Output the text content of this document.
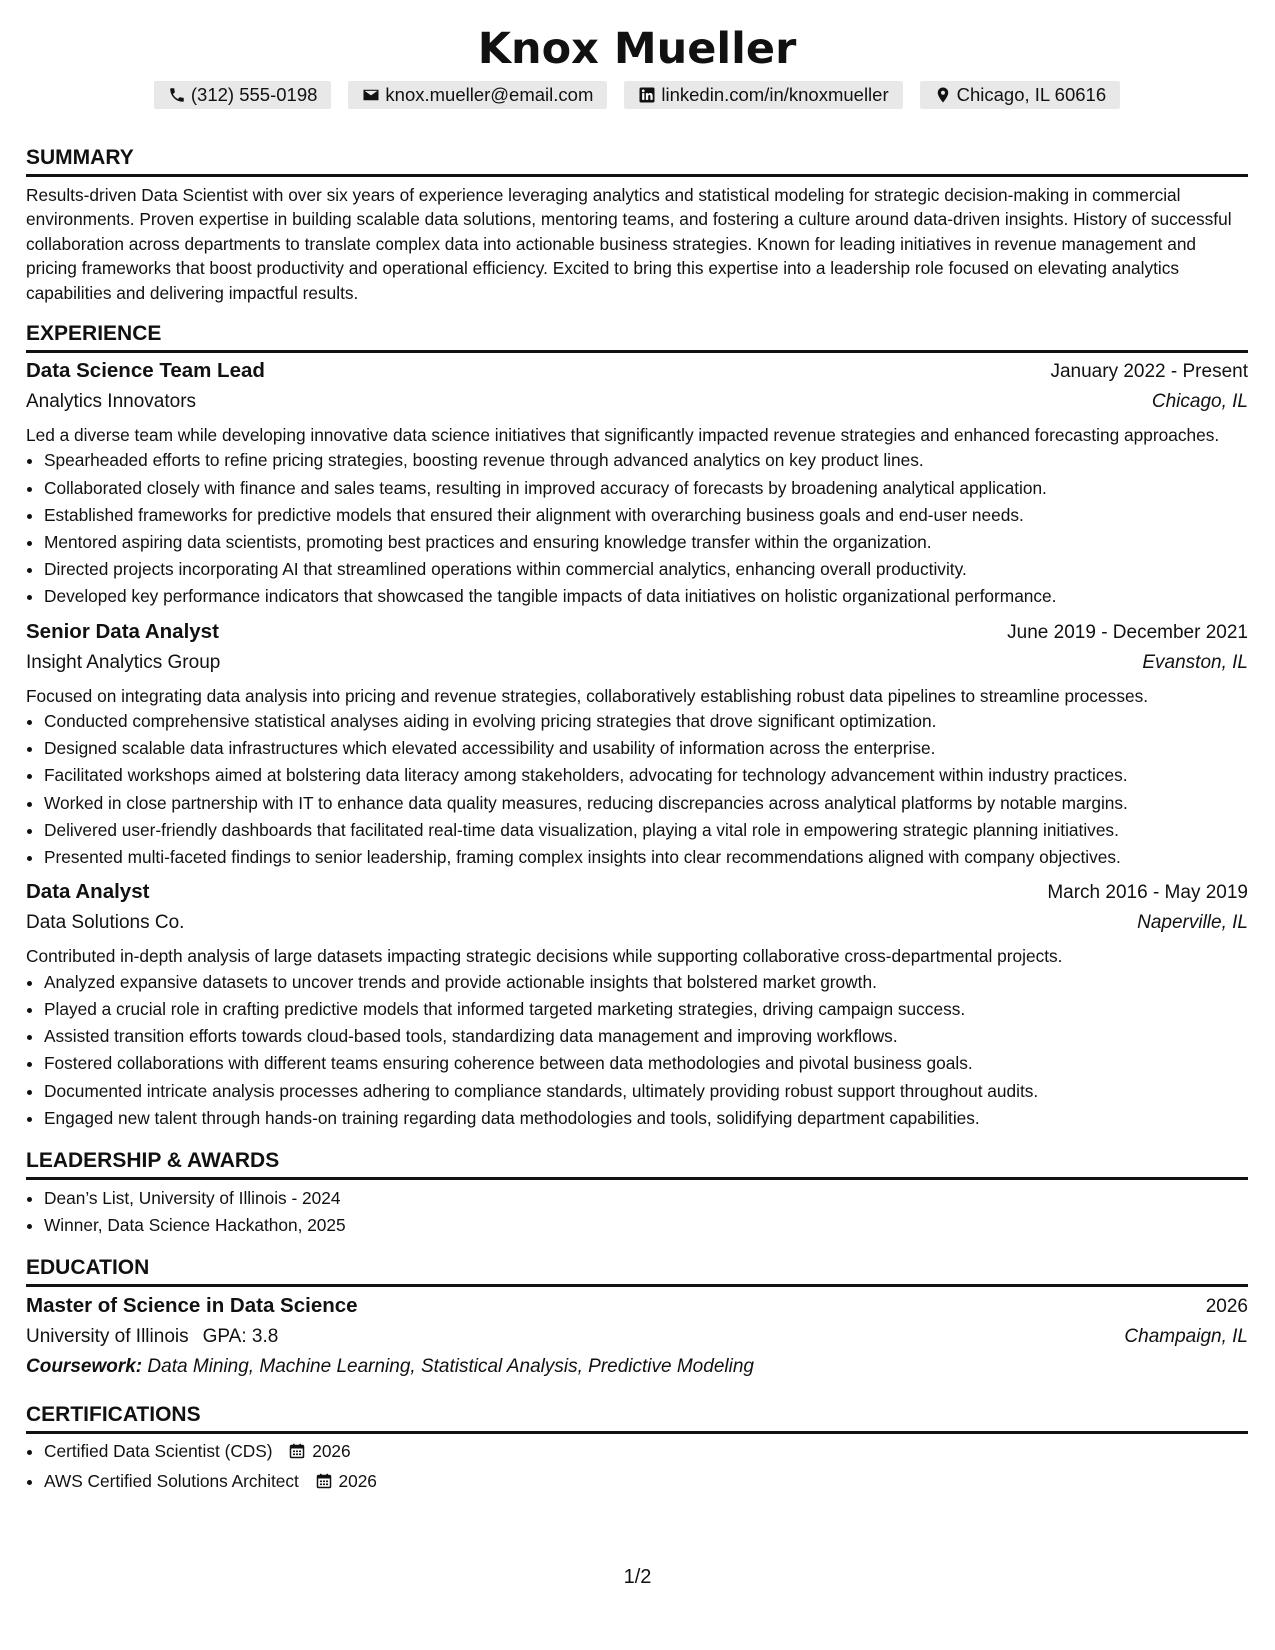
Knox Mueller
(312) 555-0198	knox.mueller@email.com	linkedin.com/in/knoxmueller	Chicago, IL 60616
SUMMARY

Results-driven Data Scientist with over six years of experience leveraging analytics and statistical modeling for strategic decision-making in commercial environments. Proven expertise in building scalable data solutions, mentoring teams, and fostering a culture around data-driven insights. History of successful collaboration across departments to translate complex data into actionable business strategies. Known for leading initiatives in revenue management and pricing frameworks that boost productivity and operational efficiency. Excited to bring this expertise into a leadership role focused on elevating analytics capabilities and delivering impactful results.

EXPERIENCE
Data Science Team Lead	January 2022 - Present
Analytics Innovators	Chicago, IL

Led a diverse team while developing innovative data science initiatives that significantly impacted revenue strategies and enhanced forecasting approaches.

• Spearheaded efforts to refine pricing strategies, boosting revenue through advanced analytics on key product lines.
• Collaborated closely with finance and sales teams, resulting in improved accuracy of forecasts by broadening analytical application.
• Established frameworks for predictive models that ensured their alignment with overarching business goals and end-user needs.
• Mentored aspiring data scientists, promoting best practices and ensuring knowledge transfer within the organization.
• Directed projects incorporating AI that streamlined operations within commercial analytics, enhancing overall productivity.
• Developed key performance indicators that showcased the tangible impacts of data initiatives on holistic organizational performance.
Senior Data Analyst	June 2019 - December 2021
Insight Analytics Group	Evanston, IL

Focused on integrating data analysis into pricing and revenue strategies, collaboratively establishing robust data pipelines to streamline processes.

• Conducted comprehensive statistical analyses aiding in evolving pricing strategies that drove significant optimization.
• Designed scalable data infrastructures which elevated accessibility and usability of information across the enterprise.
• Facilitated workshops aimed at bolstering data literacy among stakeholders, advocating for technology advancement within industry practices.
• Worked in close partnership with IT to enhance data quality measures, reducing discrepancies across analytical platforms by notable margins.
• Delivered user-friendly dashboards that facilitated real-time data visualization, playing a vital role in empowering strategic planning initiatives.
• Presented multi-faceted findings to senior leadership, framing complex insights into clear recommendations aligned with company objectives.
Data Analyst	March 2016 - May 2019
Data Solutions Co.	Naperville, IL

Contributed in-depth analysis of large datasets impacting strategic decisions while supporting collaborative cross-departmental projects.

• Analyzed expansive datasets to uncover trends and provide actionable insights that bolstered market growth.
• Played a crucial role in crafting predictive models that informed targeted marketing strategies, driving campaign success.
• Assisted transition efforts towards cloud-based tools, standardizing data management and improving workflows.
• Fostered collaborations with different teams ensuring coherence between data methodologies and pivotal business goals.
• Documented intricate analysis processes adhering to compliance standards, ultimately providing robust support throughout audits.
• Engaged new talent through hands-on training regarding data methodologies and tools, solidifying department capabilities.
LEADERSHIP & AWARDS
• Dean’s List, University of Illinois - 2024
• Winner, Data Science Hackathon, 2025
EDUCATION
Master of Science in Data Science	2026
University of Illinois GPA: 3.8	Champaign, IL
Coursework: Data Mining, Machine Learning, Statistical Analysis, Predictive Modeling
CERTIFICATIONS
• Certified Data Scientist (CDS) 2026
• AWS Certified Solutions Architect 2026
1/2
